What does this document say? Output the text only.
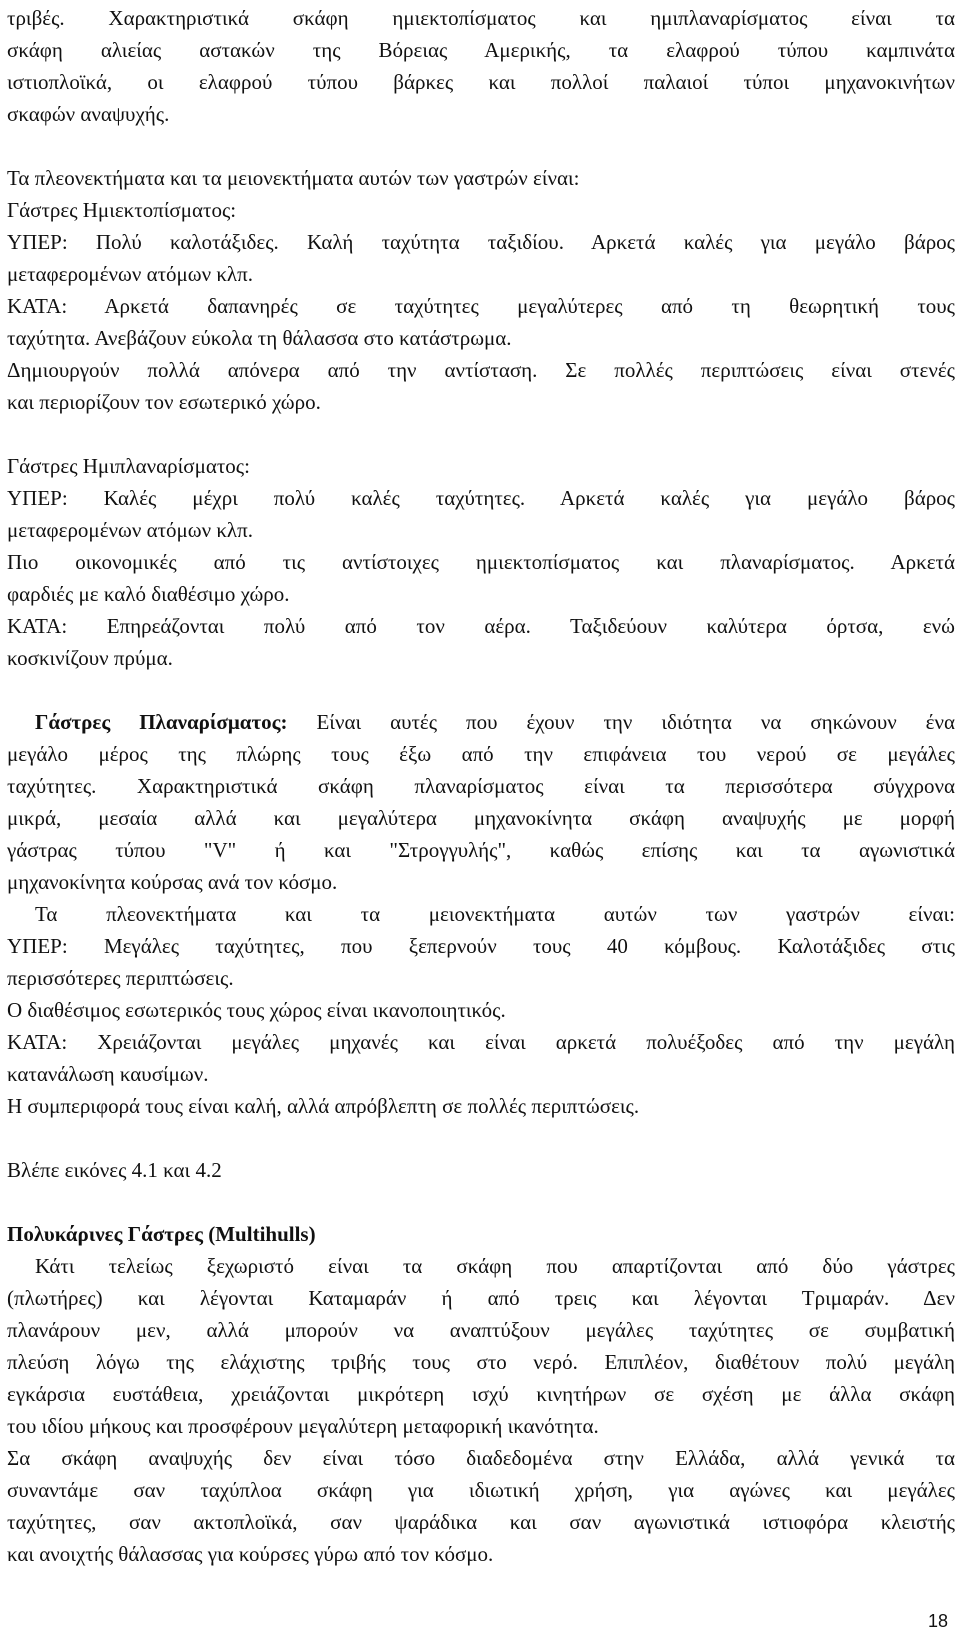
τριβές. Χαρακτηριστικά σκάφη ημιεκτοπίσματος και ημιπλαναρίσματος είναι τα
σκάφη αλιείας αστακών της Βόρειας Αμερικής, τα ελαφρού τύπου καμπινάτα
ιστιοπλοϊκά, οι ελαφρού τύπου βάρκες και πολλοί παλαιοί τύποι μηχανοκινήτων
σκαφών αναψυχής.
Τα πλεονεκτήματα και τα μειονεκτήματα αυτών των γαστρών είναι:
Γάστρες Ημιεκτοπίσματος:
ΥΠΕΡ: Πολύ καλοτάξιδες. Καλή ταχύτητα ταξιδίου. Αρκετά καλές για μεγάλο βάρος
μεταφερομένων ατόμων κλπ.
ΚΑΤΑ: Αρκετά δαπανηρές σε ταχύτητες μεγαλύτερες από τη θεωρητική τους
ταχύτητα. Ανεβάζουν εύκολα τη θάλασσα στο κατάστρωμα.
Δημιουργούν πολλά απόνερα από την αντίσταση. Σε πολλές περιπτώσεις είναι στενές
και περιορίζουν τον εσωτερικό χώρο.
Γάστρες Ημιπλαναρίσματος:
ΥΠΕΡ: Καλές μέχρι πολύ καλές ταχύτητες. Αρκετά καλές για μεγάλο βάρος
μεταφερομένων ατόμων κλπ.
Πιο οικονομικές από τις αντίστοιχες ημιεκτοπίσματος και πλαναρίσματος. Αρκετά
φαρδιές με καλό διαθέσιμο χώρο.
ΚΑΤΑ: Επηρεάζονται πολύ από τον αέρα. Ταξιδεύουν καλύτερα όρτσα, ενώ
κοσκινίζουν πρύμα.
Γάστρες Πλαναρίσματος: Είναι αυτές που έχουν την ιδιότητα να σηκώνουν ένα
μεγάλο μέρος της πλώρης τους έξω από την επιφάνεια του νερού σε μεγάλες
ταχύτητες. Χαρακτηριστικά σκάφη πλαναρίσματος είναι τα περισσότερα σύγχρονα
μικρά, μεσαία αλλά και μεγαλύτερα μηχανοκίνητα σκάφη αναψυχής με μορφή
γάστρας τύπου "V" ή και "Στρογγυλής", καθώς επίσης και τα αγωνιστικά
μηχανοκίνητα κούρσας ανά τον κόσμο.
Τα πλεονεκτήματα και τα μειονεκτήματα αυτών των γαστρών είναι:
ΥΠΕΡ: Μεγάλες ταχύτητες, που ξεπερνούν τους 40 κόμβους. Καλοτάξιδες στις
περισσότερες περιπτώσεις.
Ο διαθέσιμος εσωτερικός τους χώρος είναι ικανοποιητικός.
ΚΑΤΑ: Χρειάζονται μεγάλες μηχανές και είναι αρκετά πολυέξοδες από την μεγάλη
κατανάλωση καυσίμων.
Η συμπεριφορά τους είναι καλή, αλλά απρόβλεπτη σε πολλές περιπτώσεις.
Βλέπε εικόνες 4.1 και 4.2
Πολυκάρινες Γάστρες (Multihulls)
Κάτι τελείως ξεχωριστό είναι τα σκάφη που απαρτίζονται από δύο γάστρες
(πλωτήρες) και λέγονται Καταμαράν ή από τρεις και λέγονται Τριμαράν. Δεν
πλανάρουν μεν, αλλά μπορούν να αναπτύξουν μεγάλες ταχύτητες σε συμβατική
πλεύση λόγω της ελάχιστης τριβής τους στο νερό. Επιπλέον, διαθέτουν πολύ μεγάλη
εγκάρσια ευστάθεια, χρειάζονται μικρότερη ισχύ κινητήρων σε σχέση με άλλα σκάφη
του ιδίου μήκους και προσφέρουν μεγαλύτερη μεταφορική ικανότητα.
Σα σκάφη αναψυχής δεν είναι τόσο διαδεδομένα στην Ελλάδα, αλλά γενικά τα
συναντάμε σαν ταχύπλοα σκάφη για ιδιωτική χρήση, για αγώνες και μεγάλες
ταχύτητες, σαν ακτοπλοϊκά, σαν ψαράδικα και σαν αγωνιστικά ιστιοφόρα κλειστής
και ανοιχτής θάλασσας για κούρσες γύρω από τον κόσμο.
18
